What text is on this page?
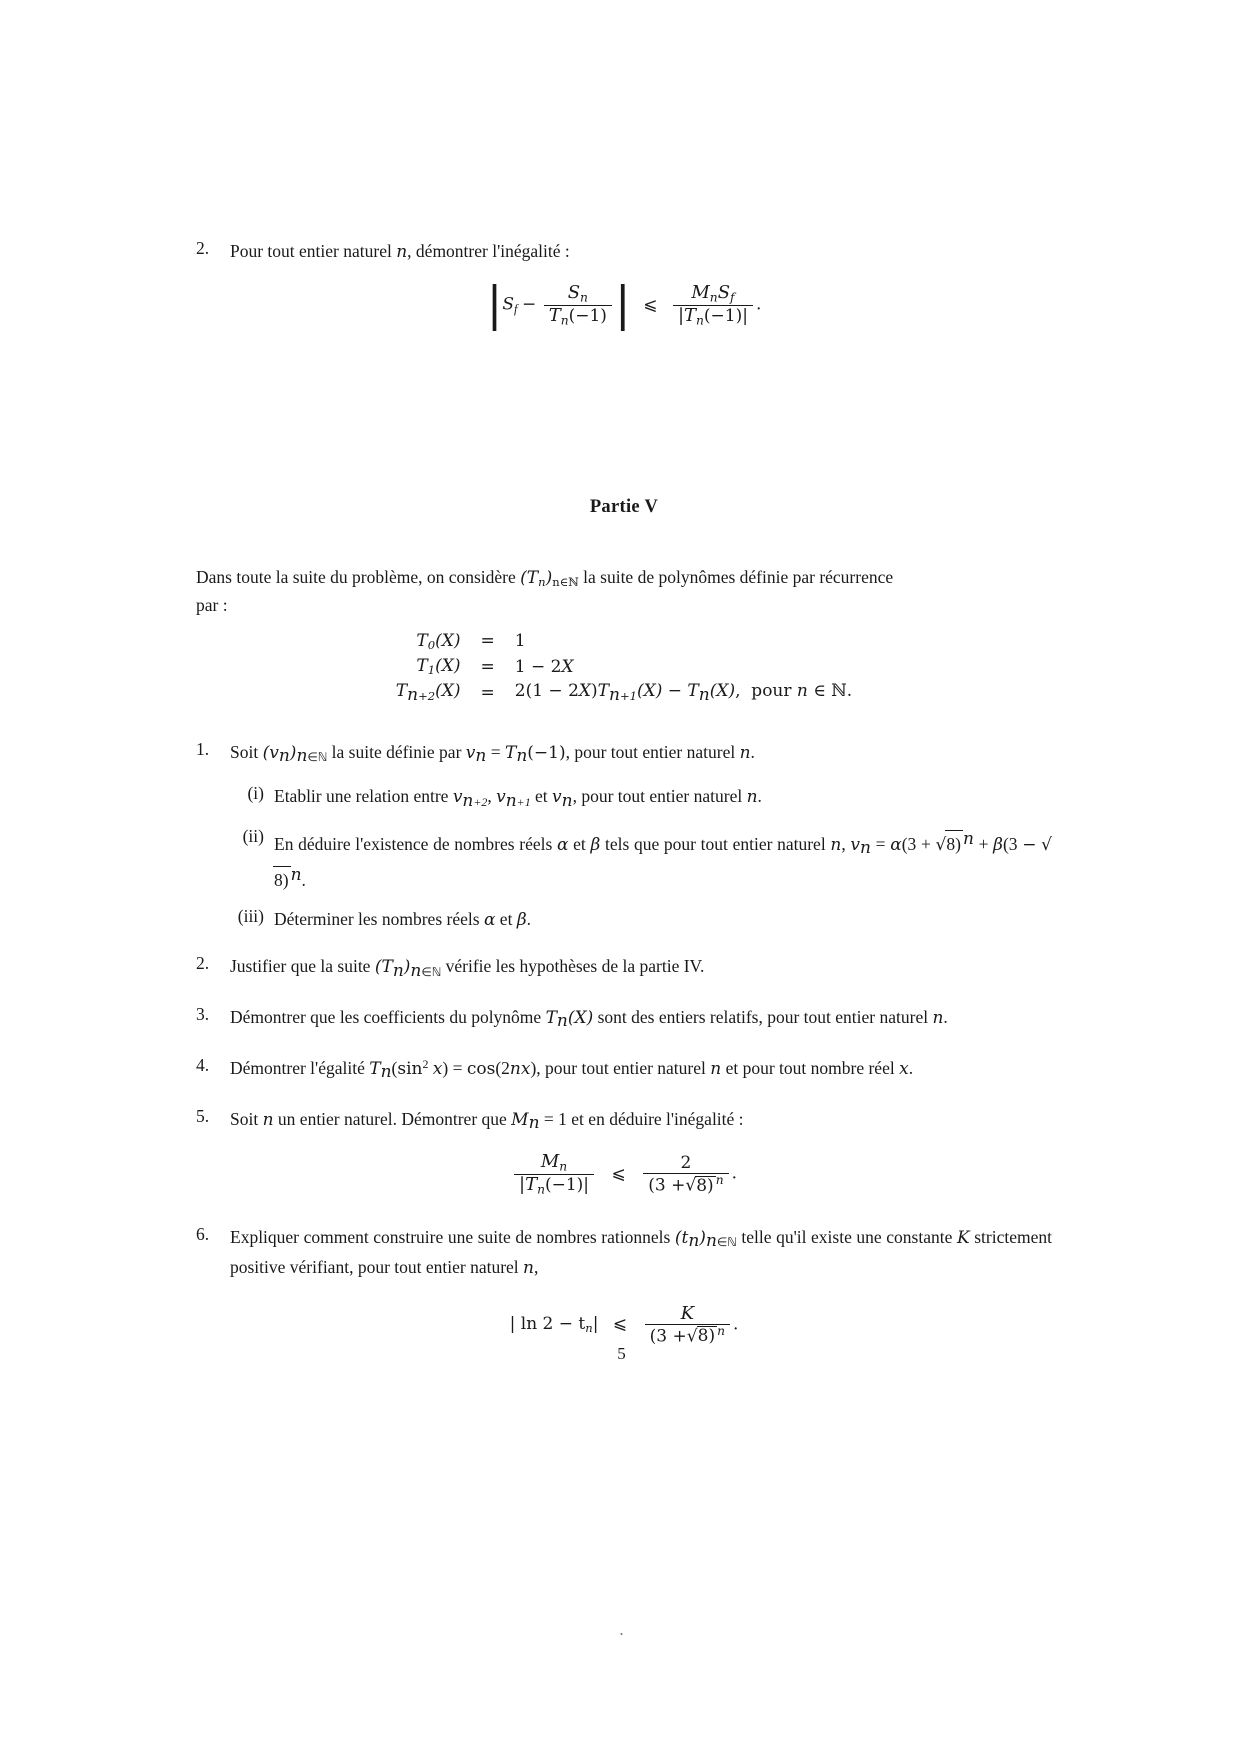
2. Pour tout entier naturel n, démontrer l'inégalité :
$|S_f - \frac{S_n}{T_n(-1)}$ | ⩽ $\frac{M_nS_f}{|T_n(-1)|}$ .
Partie V
Dans toute la suite du problème, on considère $(T_n)_{n\in ℕ}$ la suite de polynômes définie par récurrence
par :
$T_0(X)$	=	1
$T_1(X)$	=	1 − 2X
$T_{n+2}(X)$	=	$2(1 - 2X)T_{n+1}(X) - T_n(X)$,  pour n ∈ ℕ.
1. Soit $(v_n)_{n\in ℕ}$ la suite définie par $v_n = T_n(-1)$, pour tout entier naturel n.
(i) Etablir une relation entre $v_{n+2}$, $v_{n+1}$ et $v_n$, pour tout entier naturel n.
(ii) En déduire l'existence de nombres réels α et β tels que pour tout entier naturel n, $v_n = \alpha(3 + √8) ^n + \beta(3 - √8)$ $^n$.
(iii) Déterminer les nombres réels α et β.
2. Justifier que la suite $(T_n)_{n\in ℕ}$ vérifie les hypothèses de la partie IV.
3. Démontrer que les coefficients du polynôme $T_n(X)$ sont des entiers relatifs, pour tout entier naturel n.
4. Démontrer l'égalité $T_n(\sin^2$ x) = cos(2nx), pour tout entier naturel n et pour tout nombre réel x.
5. Soit n un entier naturel. Démontrer que $M_n = 1$ et en déduire l'inégalité :
$\frac{M_n}{|T_n(-1)|}$ ⩽ $\frac{2}{(3 +√8) ^n}$ .
6. Expliquer comment construire une suite de nombres rationnels $(t_n)_{n\in ℕ}$ telle qu'il existe une constante K strictement positive vérifiant, pour tout entier naturel n,
| $\ln 2 - t_n|$ ⩽ $\frac{K}{(3 +√8) ^n}$ .
5
.
